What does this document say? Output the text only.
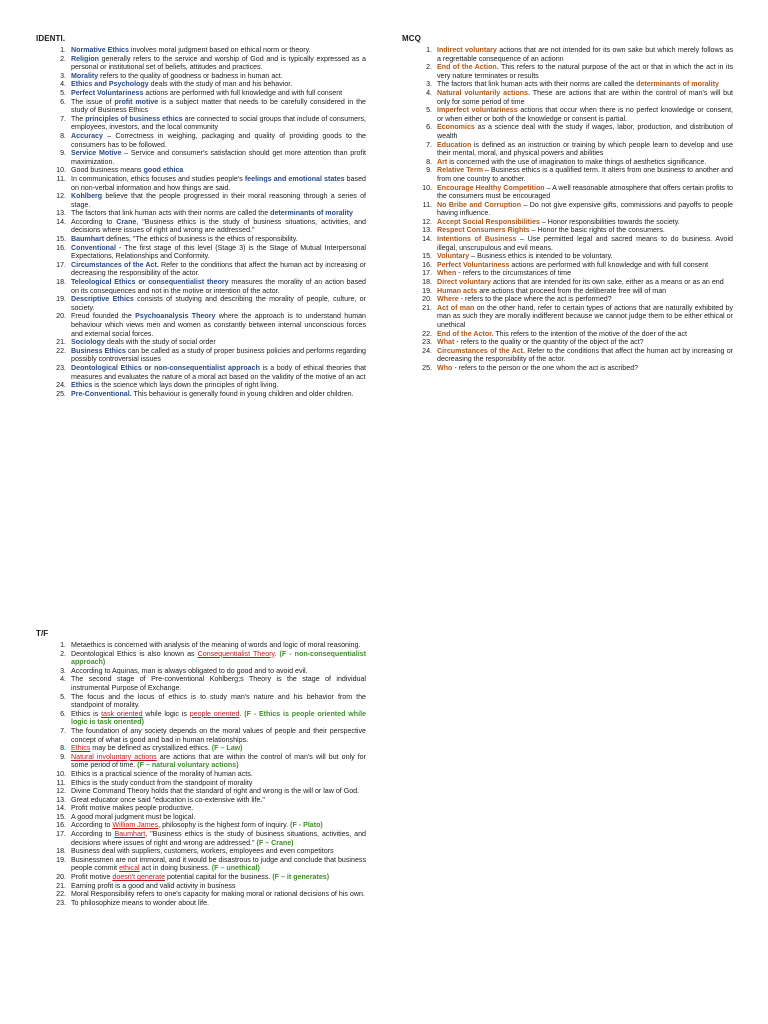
IDENTI.
1. Normative Ethics involves moral judgment based on ethical norm or theory.
2. Religion generally refers to the service and worship of God and is typically expressed as a personal or institutional set of beliefs, attitudes and practices.
3. Morality refers to the quality of goodness or badness in human act.
4. Ethics and Psychology deals with the study of man and his behavior.
5. Perfect Voluntariness actions are performed with full knowledge and with full consent
6. The issue of profit motive is a subject matter that needs to be carefully considered in the study of Business Ethics
7. The principles of business ethics are connected to social groups that include of consumers, employees, investors, and the local community
8. Accuracy – Correctness in weighing, packaging and quality of providing goods to the consumers has to be followed.
9. Service Motive – Service and consumer's satisfaction should get more attention than profit maximization.
10. Good business means good ethica
11. In communication, ethics focuses and studies people's feelings and emotional states based on non-verbal information and how things are said.
12. Kohlberg believe that the people progressed in their moral reasoning through a series of stage.
13. The factors that link human acts with their norms are called the determinants of morality
14. According to Crane, "Business ethics is the study of business situations, activities, and decisions where issues of right and wrong are addressed."
15. Baumhart defines, "The ethics of business is the ethics of responsibility.
16. Conventional - The first stage of this level (Stage 3) is the Stage of Mutual Interpersonal Expectations, Relationships and Conformity.
17. Circumstances of the Act. Refer to the conditions that affect the human act by increasing or decreasing the responsibility of the actor.
18. Teleological Ethics or consequentialist theory measures the morality of an action based on its consequences and not in the motive or intention of the actor.
19. Descriptive Ethics consists of studying and describing the morality of people, culture, or society.
20. Freud founded the Psychoanalysis Theory where the approach is to understand human behaviour which views men and women as constantly between internal unconscious forces and external social forces.
21. Sociology deals with the study of social order
22. Business Ethics can be called as a study of proper business policies and performs regarding possibly controversial issues
23. Deontological Ethics or non-consequentialist approach is a body of ethical theories that measures and evaluates the nature of a moral act based on the validity of the motive of an act
24. Ethics is the science which lays down the principles of right living.
25. Pre-Conventional. This behaviour is generally found in young children and older children.
MCQ
1. Indirect voluntary actions that are not intended for its own sake but which merely follows as a regrettable consequence of an actionn
2. End of the Action. This refers to the natural purpose of the act or that in which the act in its very nature terminates or results
3. The factors that link human acts with their norms are called the determinants of morality
4. Natural voluntarily actions. These are actions that are within the control of man's will but only for some period of time
5. Imperfect voluntariness actions that occur when there is no perfect knowledge or consent, or when either or both of the knowledge or consent is partial.
6. Economics as a science deal with the study if wages, labor, production, and distribution of wealth
7. Education is defined as an instruction or training by which people learn to develop and use their mental, moral, and physical powers and abilities
8. Art is concerned with the use of imagination to make things of aesthetics significance.
9. Relative Term – Business ethics is a qualified term. It alters from one business to another and from one country to another.
10. Encourage Healthy Competition – A well reasonable atmosphere that offers certain profits to the consumers must be encouraged
11. No Bribe and Corruption – Do not give expensive gifts, commissions and payoffs to people having influence.
12. Accept Social Responsibilities – Honor responsibilities towards the society.
13. Respect Consumers Rights – Honor the basic rights of the consumers.
14. Intentions of Business – Use permitted legal and sacred means to do business. Avoid illegal, unscrupulous and evil means.
15. Voluntary – Business ethics is intended to be voluntary.
16. Perfect Voluntariness actions are performed with full knowledge and with full consent
17. When - refers to the circumstances of time
18. Direct voluntary actions that are intended for its own sake, either as a means or as an end
19. Human acts are actions that proceed from the deliberate free will of man
20. Where - refers to the place where the act is performed?
21. Act of man on the other hand, refer to certain types of actions that are naturally exhibited by man as such they are morally indifferent because we cannot judge them to be either ethical or unethical
22. End of the Actor. This refers to the intention of the motive of the doer of the act
23. What - refers to the quality or the quantity of the object of the act?
24. Circumstances of the Act. Refer to the conditions that affect the human act by increasing or decreasing the responsibility of the actor.
25. Who - refers to the person or the one whom the act is ascribed?
T/F
1. Metaethics is concerned with analysis of the meaning of words and logic of moral reasoning.
2. Deontological Ethics is also known as Consequentialist Theory. (F - non-consequentialist approach)
3. According to Aquinas, man is always obligated to do good and to avoid evil.
4. The second stage of Pre-conventional Kohlberg;s Theory is the stage of individual instrumental Purpose of Exchange.
5. The focus and the locus of ethics is to study man's nature and his behavior from the standpoint of morality.
6. Ethics is task oriented while logic is people oriented. (F - Ethics is people oriented while logic is task oriented)
7. The foundation of any society depends on the moral values of people and their perspective concept of what is good and bad in human relationships.
8. Ethics may be defined as crystallized ethics. (F – Law)
9. Natural involuntary actions are actions that are within the control of man's will but only for some period of time. (F – natural voluntary actions)
10. Ethics is a practical science of the morality of human acts.
11. Ethics is the study conduct from the standpoint of morality
12. Divine Command Theory holds that the standard of right and wrong is the will or law of God.
13. Great educator once said "education is co-extensive with life."
14. Profit motive makes people productive.
15. A good moral judgment must be logical.
16. According to William James, philosophy is the highest form of inquiry. (F - Plato)
17. According to Baumhart, "Business ethics is the study of business situations, activities, and decisions where issues of right and wrong are addressed." (F – Crane)
18. Business deal with suppliers, customers, workers, employees and even competitors
19. Businessmen are not immoral, and it would be disastrous to judge and conclude that business people commit ethical act in doing business. (F – unethical)
20. Profit motive doesn't generate potential capital for the business. (F – it generates)
21. Earning profit is a good and valid activity in business
22. Moral Responsibility refers to one's capacity for making moral or rational decisions of his own.
23. To philosophize means to wonder about life.
